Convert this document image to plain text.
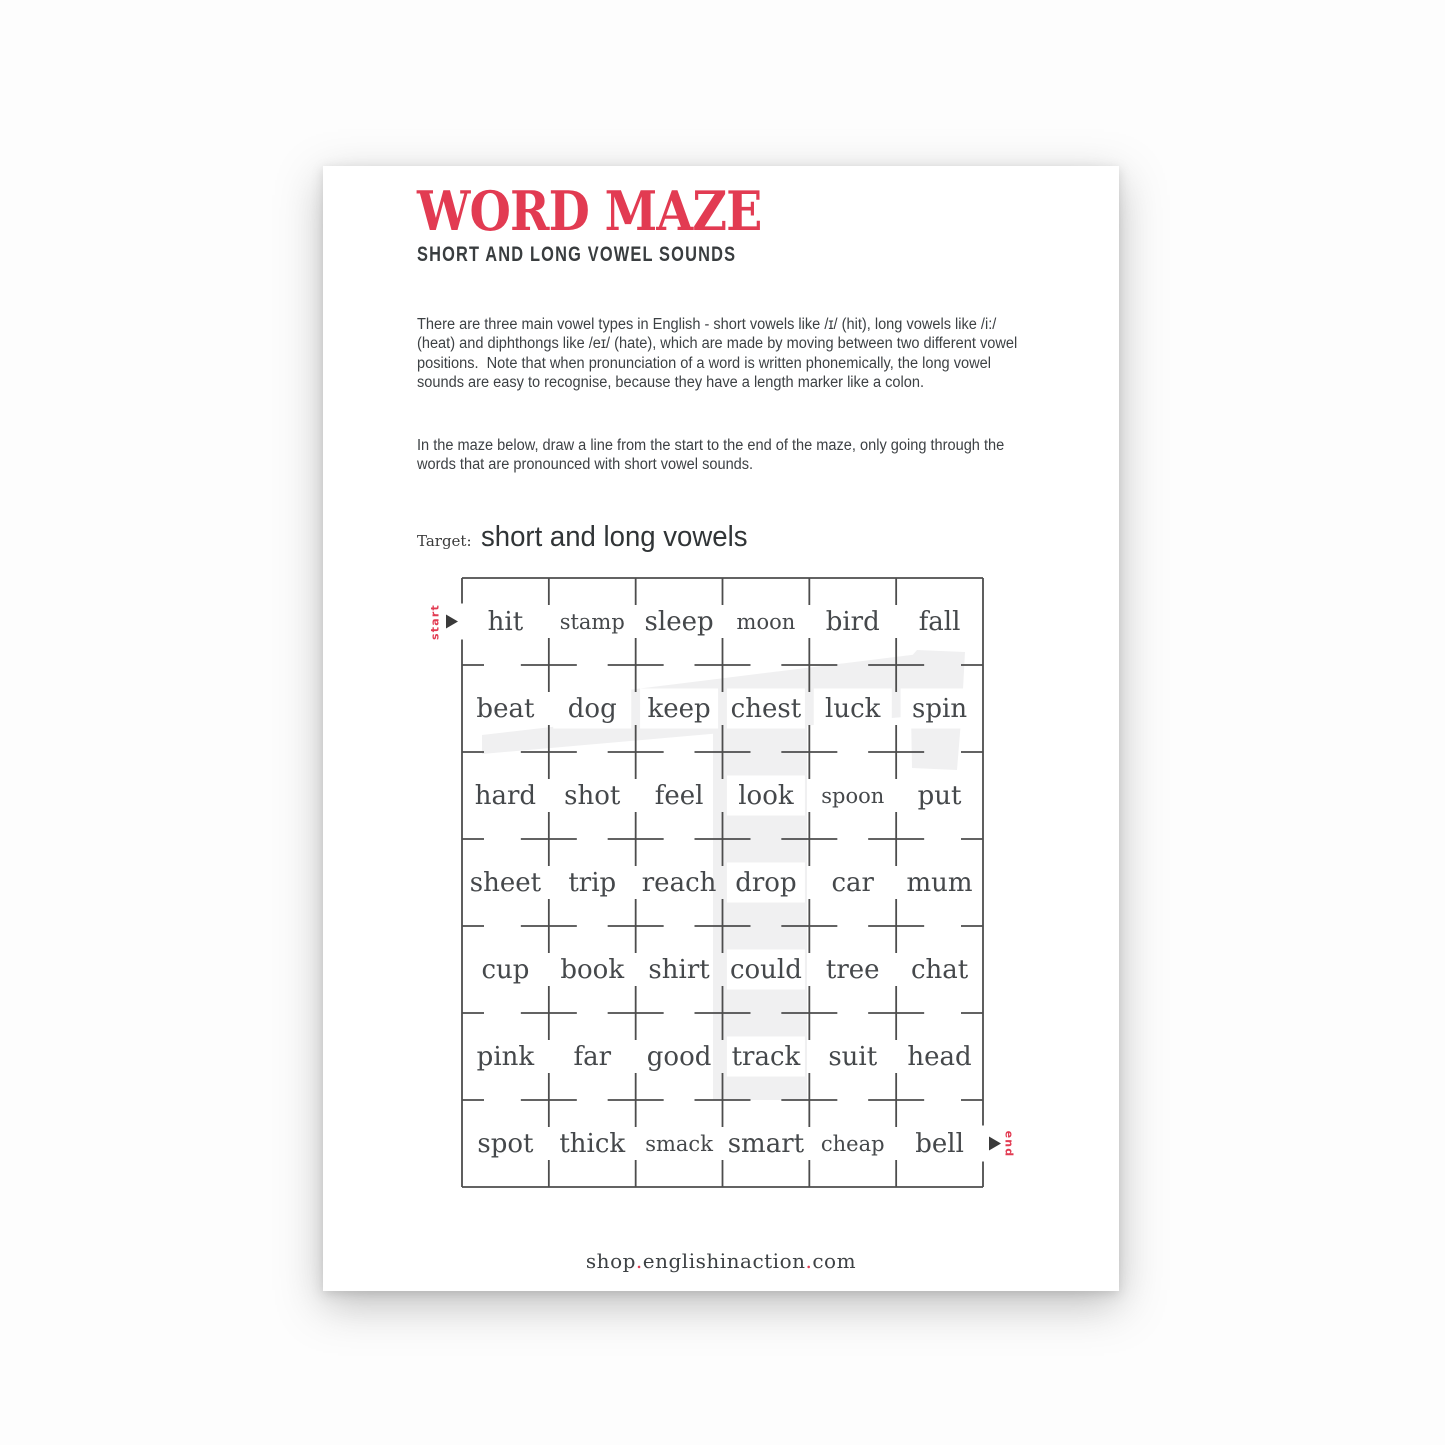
WORD MAZE
SHORT AND LONG VOWEL SOUNDS

There are three main vowel types in English - short vowels like /ɪ/ (hit), long vowels like /i:/ (heat) and diphthongs like /eɪ/ (hate), which are made by moving between two different vowel positions.  Note that when pronunciation of a word is written phonemically, the long vowel sounds are easy to recognise, because they have a length marker like a colon.

In the maze below, draw a line from the start to the end of the maze, only going through the words that are pronounced with short vowel sounds.

Target: short and long vowels
hit stamp sleep moon bird fall
beat dog keep chest luck spin
hard shot feel look spoon put
sheet trip reach drop car mum
cup book shirt could tree chat
pink far good track suit head
spot thick smack smart cheap bell
start
end
shop.englishinaction.com
